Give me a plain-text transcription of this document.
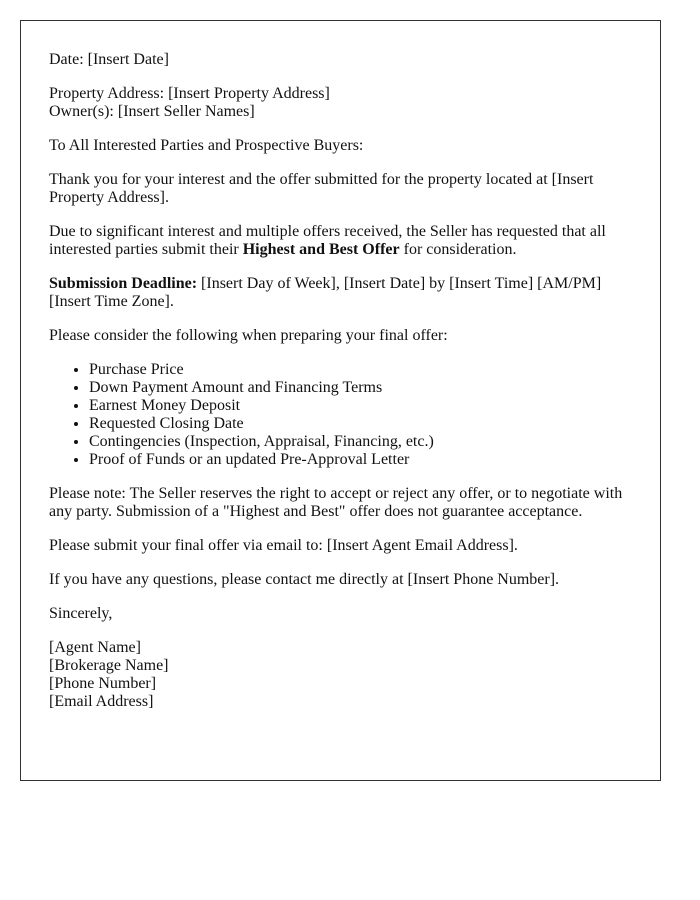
Date: [Insert Date]

Property Address: [Insert Property Address]
Owner(s): [Insert Seller Names]

To All Interested Parties and Prospective Buyers:

Thank you for your interest and the offer submitted for the property located at [Insert Property Address].

Due to significant interest and multiple offers received, the Seller has requested that all interested parties submit their Highest and Best Offer for consideration.

Submission Deadline: [Insert Day of Week], [Insert Date] by [Insert Time] [AM/PM] [Insert Time Zone].

Please consider the following when preparing your final offer:

• Purchase Price
• Down Payment Amount and Financing Terms
• Earnest Money Deposit
• Requested Closing Date
• Contingencies (Inspection, Appraisal, Financing, etc.)
• Proof of Funds or an updated Pre-Approval Letter

Please note: The Seller reserves the right to accept or reject any offer, or to negotiate with any party. Submission of a "Highest and Best" offer does not guarantee acceptance.

Please submit your final offer via email to: [Insert Agent Email Address].

If you have any questions, please contact me directly at [Insert Phone Number].

Sincerely,

[Agent Name]
[Brokerage Name]
[Phone Number]
[Email Address]
